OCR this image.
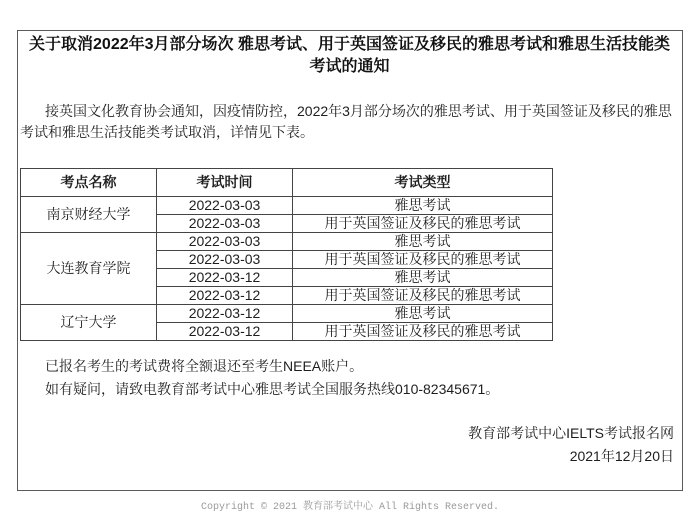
关于取消2022年3月部分场次 雅思考试、用于英国签证及移民的雅思考试和雅思生活技能类考试的通知

接英国文化教育协会通知，因疫情防控，2022年3月部分场次的雅思考试、用于英国签证及移民的雅思考试和雅思生活技能类考试取消，详情见下表。

考点名称	考试时间	考试类型
南京财经大学	2022-03-03	雅思考试
	2022-03-03	用于英国签证及移民的雅思考试
大连教育学院	2022-03-03	雅思考试
	2022-03-03	用于英国签证及移民的雅思考试
	2022-03-12	雅思考试
	2022-03-12	用于英国签证及移民的雅思考试
辽宁大学	2022-03-12	雅思考试
	2022-03-12	用于英国签证及移民的雅思考试

已报名考生的考试费将全额退还至考生NEEA账户。

如有疑问，请致电教育部考试中心雅思考试全国服务热线010-82345671。

教育部考试中心IELTS考试报名网
2021年12月20日
Copyright © 2021 教育部考试中心 All Rights Reserved.
